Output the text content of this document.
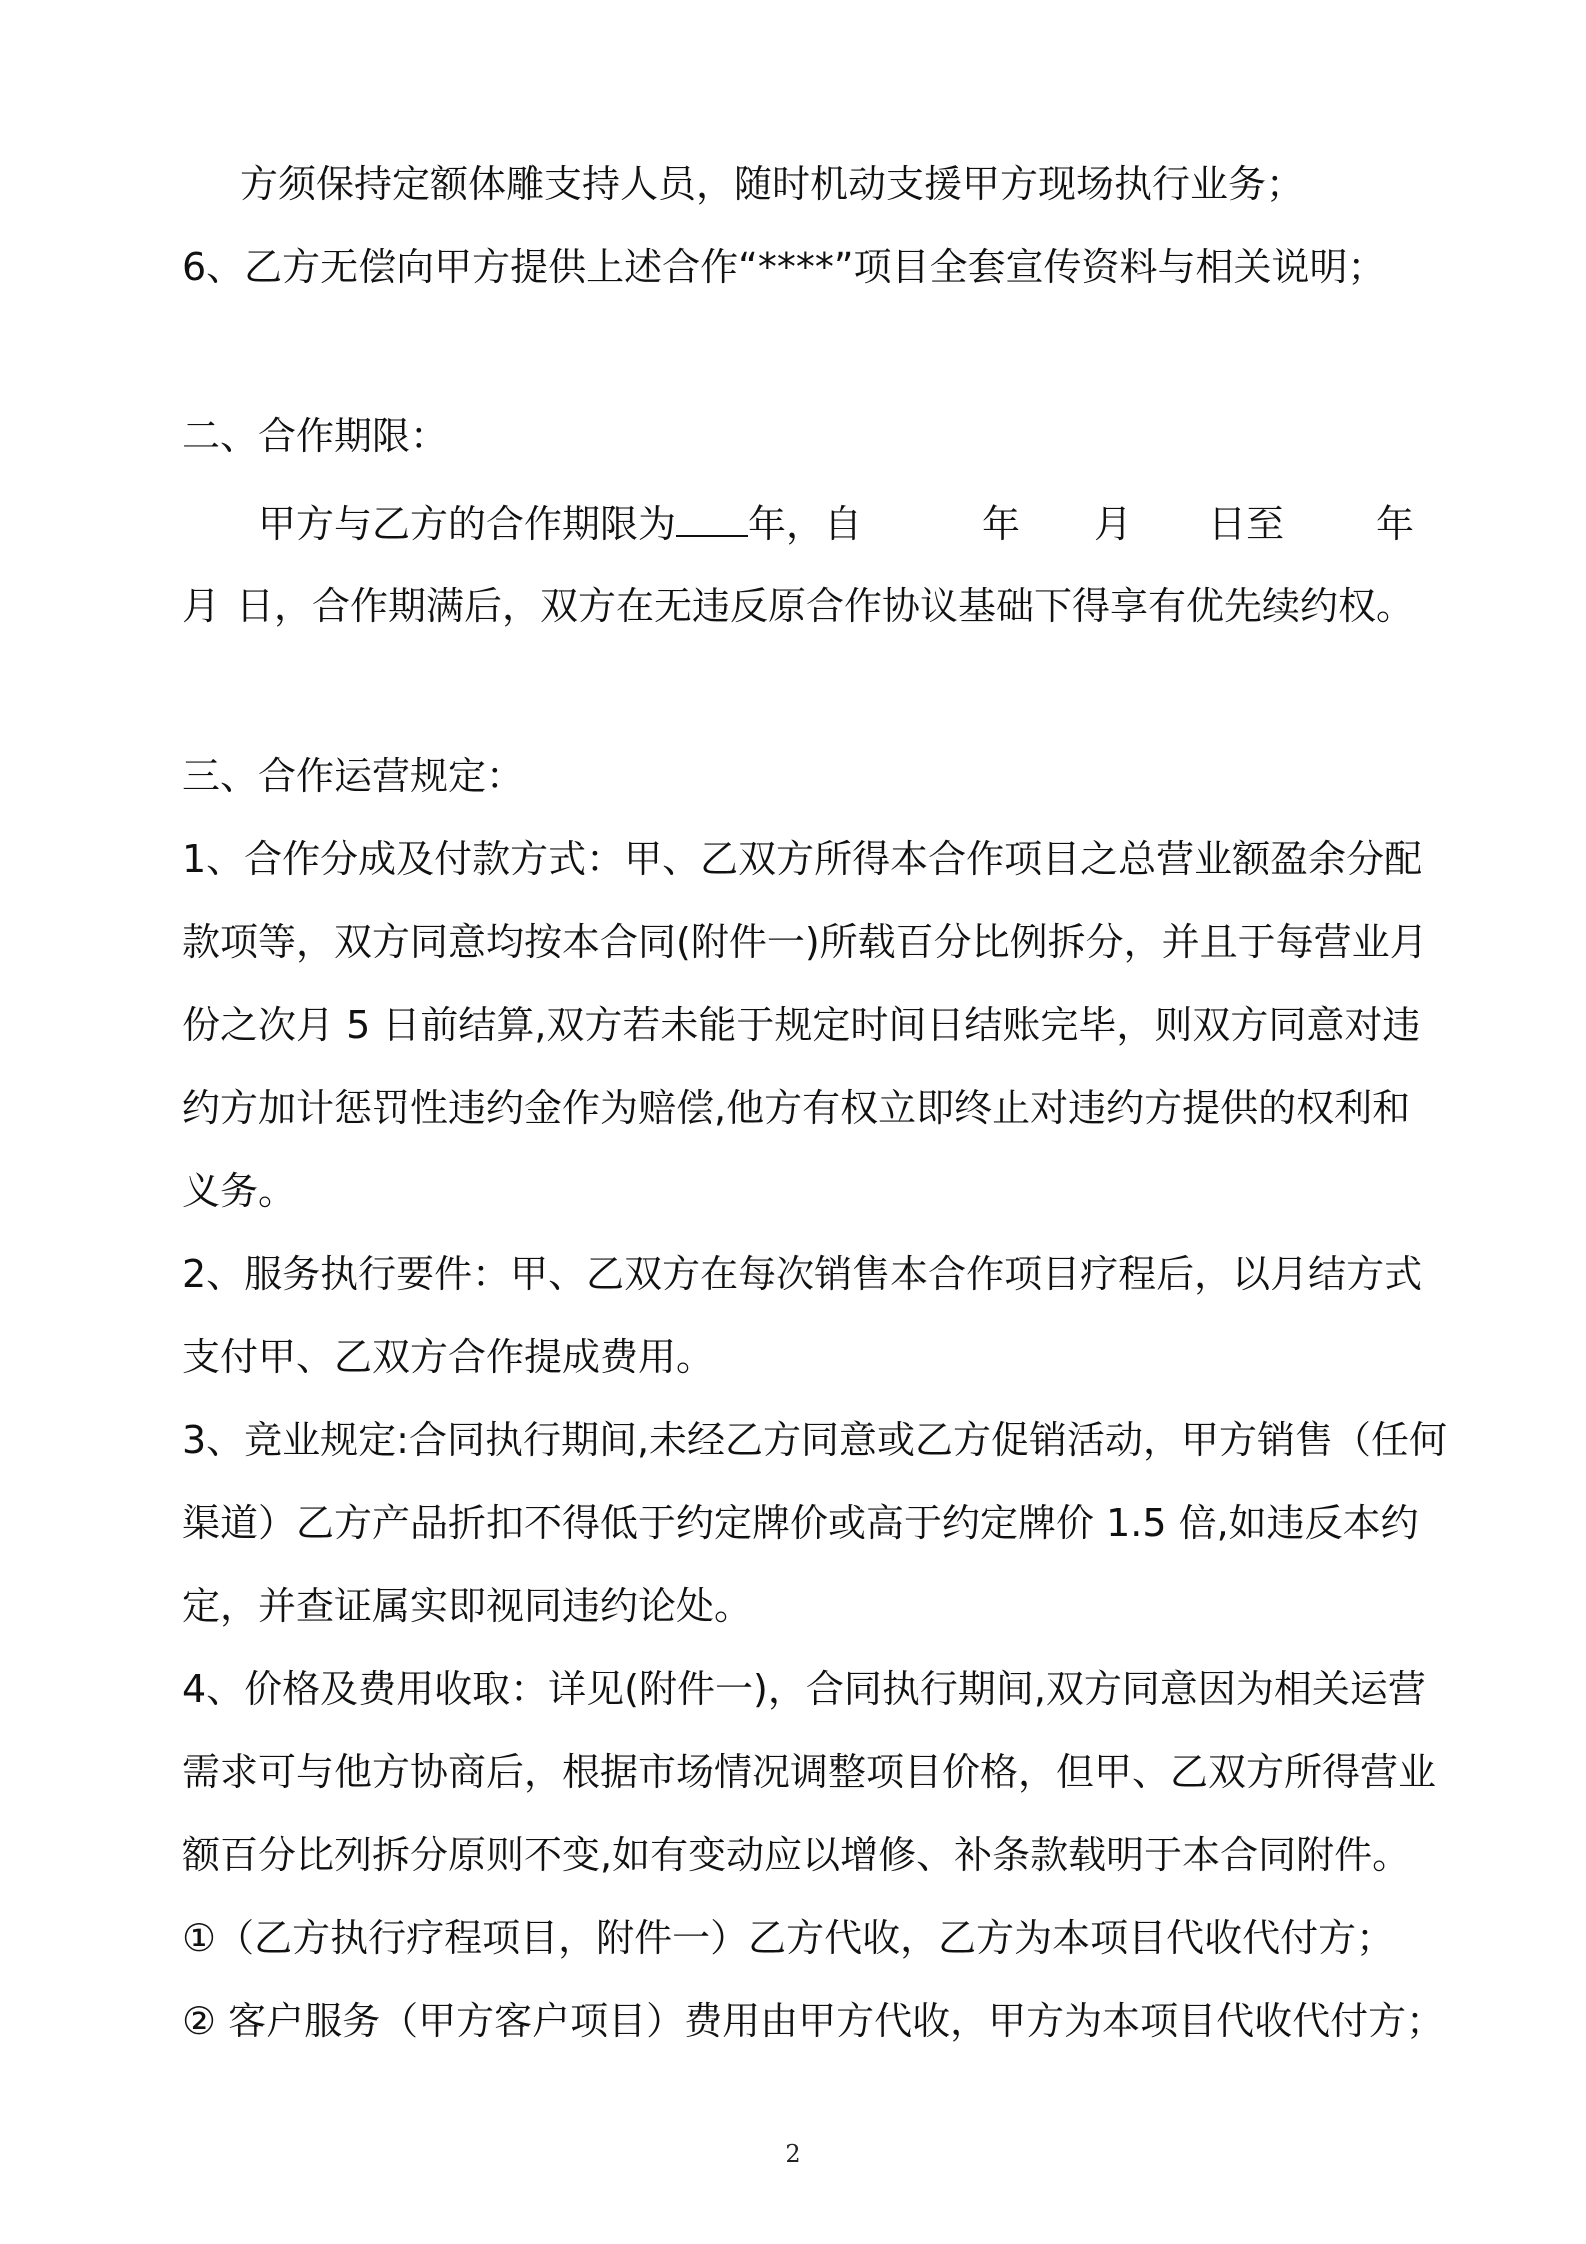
方须保持定额体雕支持人员，随时机动支援甲方现场执行业务；
6、乙方无偿向甲方提供上述合作“****”项目全套宣传资料与相关说明；
二、合作期限：
甲方与乙方的合作期限为 年，自	年 月 日至 年
月 日，合作期满后，双方在无违反原合作协议基础下得享有优先续约权。
三、合作运营规定：
1、合作分成及付款方式：甲、乙双方所得本合作项目之总营业额盈余分配
款项等，双方同意均按本合同(附件一)所载百分比例拆分，并且于每营业月
份之次月 5 日前结算,双方若未能于规定时间日结账完毕，则双方同意对违
约方加计惩罚性违约金作为赔偿,他方有权立即终止对违约方提供的权利和
义务。
2、服务执行要件：甲、乙双方在每次销售本合作项目疗程后，以月结方式
支付甲、乙双方合作提成费用。
3、竞业规定:合同执行期间,未经乙方同意或乙方促销活动，甲方销售（任何
渠道）乙方产品折扣不得低于约定牌价或高于约定牌价 1.5 倍,如违反本约
定，并查证属实即视同违约论处。
4、价格及费用收取：详见(附件一)，合同执行期间,双方同意因为相关运营
需求可与他方协商后，根据市场情况调整项目价格，但甲、乙双方所得营业
额百分比列拆分原则不变,如有变动应以增修、补条款载明于本合同附件。
①（乙方执行疗程项目，附件一）乙方代收，乙方为本项目代收代付方；
② 客户服务（甲方客户项目）费用由甲方代收，甲方为本项目代收代付方；
2
